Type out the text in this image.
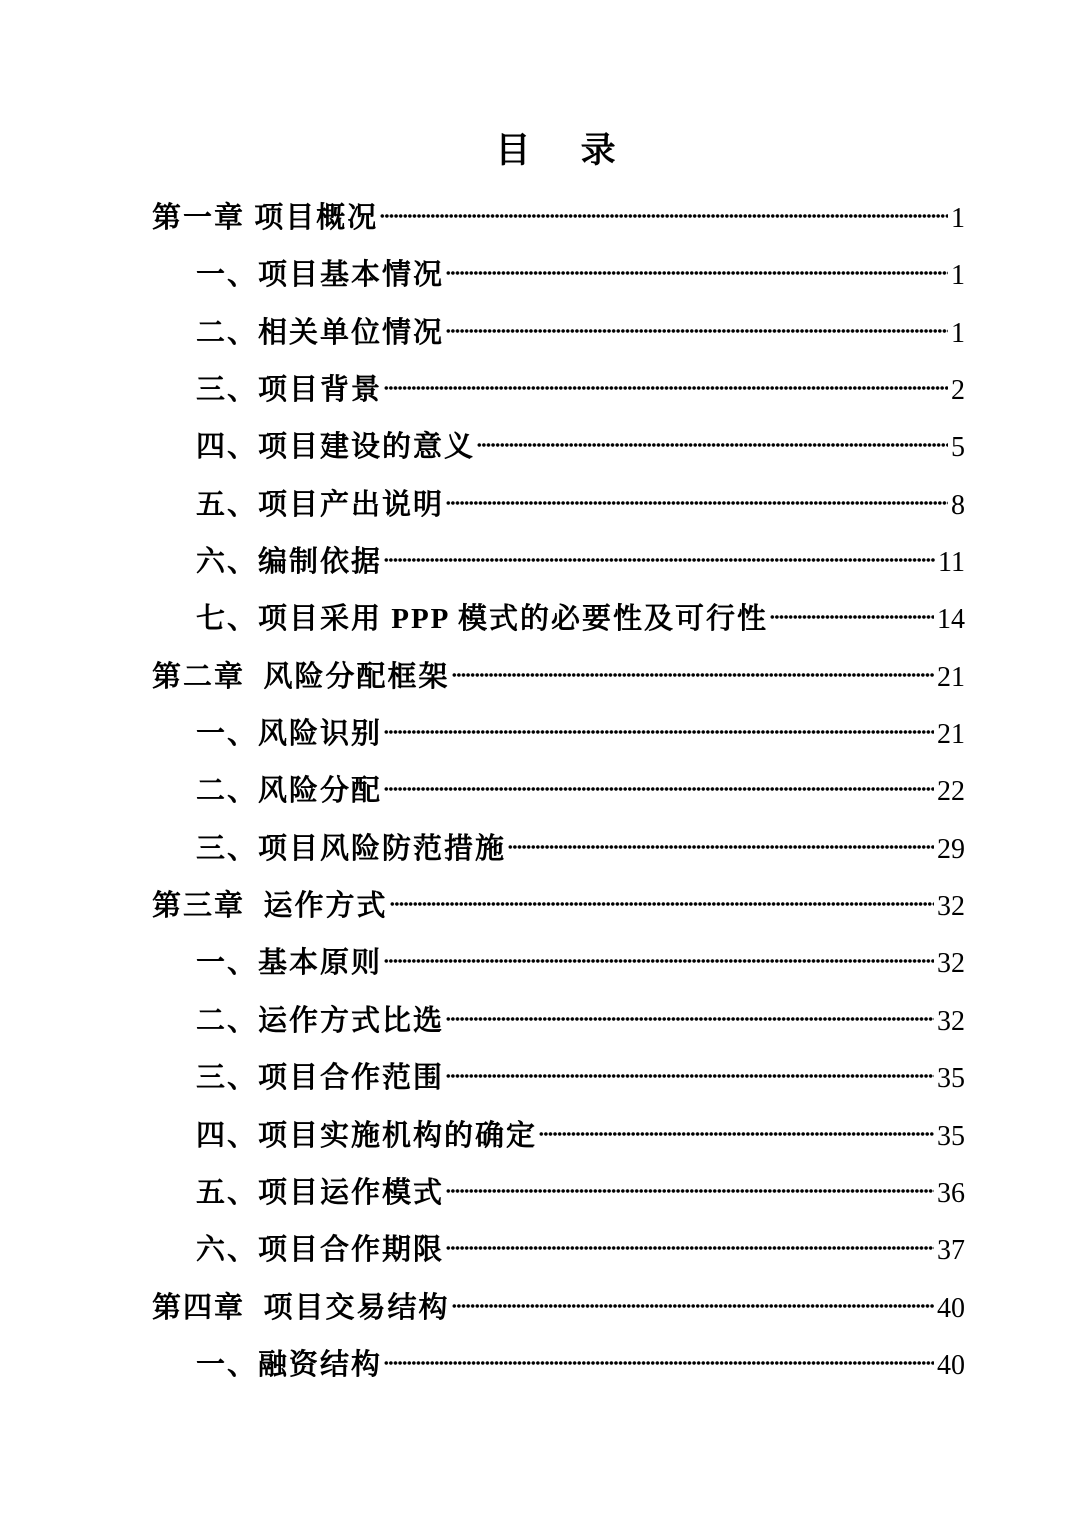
目   录
第一章 项目概况	1
一、项目基本情况	1
二、相关单位情况	1
三、项目背景	2
四、项目建设的意义	5
五、项目产出说明	8
六、编制依据	11
七、项目采用 PPP 模式的必要性及可行性	14
第二章  风险分配框架	21
一、风险识别	21
二、风险分配	22
三、项目风险防范措施	29
第三章  运作方式	32
一、基本原则	32
二、运作方式比选	32
三、项目合作范围	35
四、项目实施机构的确定	35
五、项目运作模式	36
六、项目合作期限	37
第四章  项目交易结构	40
一、融资结构	40
